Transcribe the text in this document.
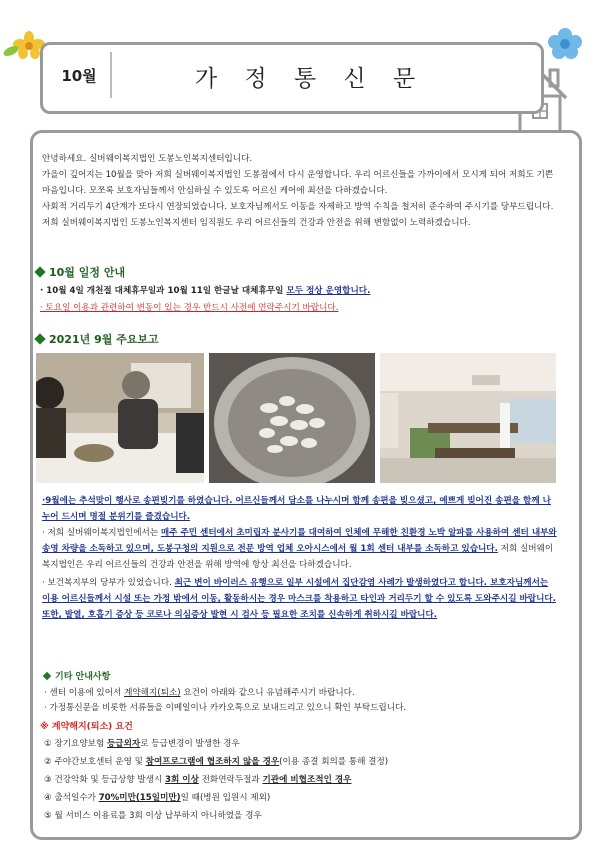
10월	가 정 통 신 문
안녕하세요. 실버웨이복지법인 도봉노인복지센터입니다.
가을이 깊어지는 10월을 맞아 저희 실버웨이복지법인 도봉점에서 다시 운영합니다. 우리 어르신들을 가까이에서 모시게 되어 저희도 기쁜 마음입니다. 모쪼록 보호자님들께서 안심하실 수 있도록 어르신 케어에 최선을 다하겠습니다.
사회적 거리두기 4단계가 또다시 연장되었습니다. 보호자님께서도 이동을 자제하고 방역 수칙을 철저히 준수하여 주시기를 당부드립니다. 저희 실버웨이복지법인 도봉노인복지센터 임직원도 우리 어르신들의 건강과 안전을 위해 변함없이 노력하겠습니다.
10월 일정 안내
· 10월 4일 개천절 대체휴무일과 10월 11일 한글날 대체휴무일 모두 정상 운영합니다.
· 토요일 이용과 관련하여 변동이 있는 경우 반드시 사전에 연락주시기 바랍니다.
2021년 9월 주요보고
·9월에는 추석맞이 행사로 송편빚기를 하였습니다. 어르신들께서 담소를 나누시며 함께 송편을 빚으셨고, 예쁘게 빚어진 송편을 함께 나누어 드시며 명절 분위기를 즐겼습니다.
· 저희 실버웨이복지법인에서는 매주 주민 센터에서 초미립자 분사기를 대여하여 인체에 무해한 친환경 노박 알파를 사용하여 센터 내부와 송영 차량을 소독하고 있으며, 도봉구청의 지원으로 전문 방역 업체 오아시스에서 월 1회 센터 내부를 소독하고 있습니다. 저희 실버웨이복지법인은 우리 어르신들의 건강과 안전을 위해 방역에 항상 최선을 다하겠습니다.
· 보건복지부의 당부가 있었습니다. 최근 변이 바이러스 유행으로 일부 시설에서 집단감염 사례가 발생하였다고 합니다. 보호자님께서는 이용 어르신들께서 시설 또는 가정 밖에서 이동, 활동하시는 경우 마스크를 착용하고 타인과 거리두기 할 수 있도록 도와주시길 바랍니다. 또한, 발열, 호흡기 증상 등 코로나 의심증상 발현 시 검사 등 필요한 조치를 신속하게 취하시길 바랍니다.
기타 안내사항
· 센터 이용에 있어서 계약해지(퇴소) 요건이 아래와 같으니 유념해주시기 바랍니다.
· 가정통신문을 비롯한 서류들을 이메일이나 카카오톡으로 보내드리고 있으니 확인 부탁드립니다.
※ 계약해지(퇴소) 요건
① 장기요양보험 등급외자로 등급변경이 발생한 경우
② 주야간보호센터 운영 및 참여프로그램에 협조하지 않을 경우(이용 종결 회의를 통해 결정)
③ 건강악화 및 등급상향 발생시 3회 이상 전화연락두절과 기관에 비협조적인 경우
④ 출석일수가 70%미만(15일미만)일 때(병원 입원시 제외)
⑤ 월 서비스 이용료를 3회 이상 납부하지 아니하였을 경우
